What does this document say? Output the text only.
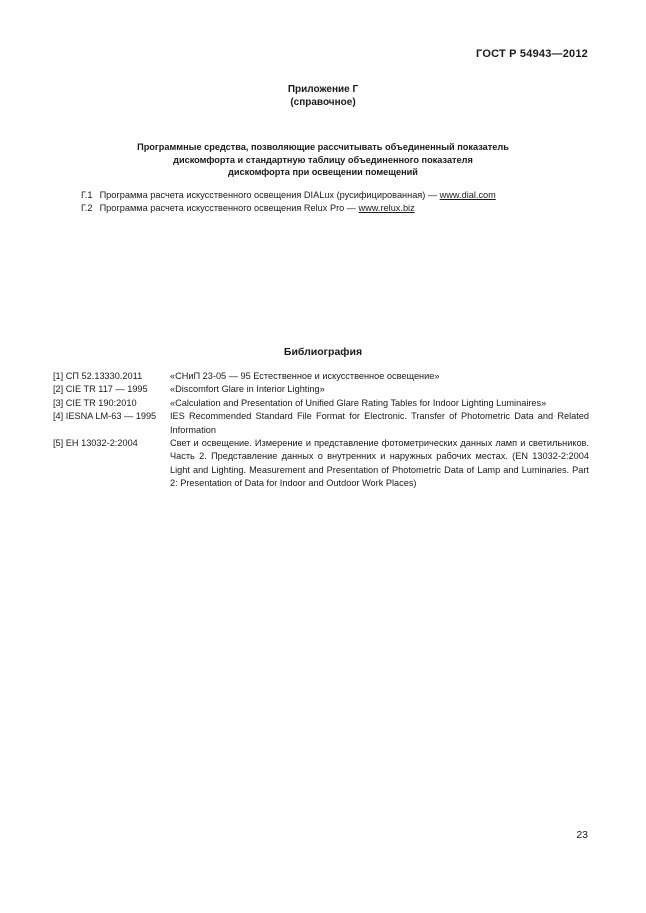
ГОСТ Р 54943—2012
Приложение Г
(справочное)
Программные средства, позволяющие рассчитывать объединенный показатель
дискомфорта и стандартную таблицу объединенного показателя
дискомфорта при освещении помещений
Г.1 Программа расчета искусственного освещения DIALux (русифицированная) — www.dial.com
Г.2 Программа расчета искусственного освещения Relux Pro — www.relux.biz
Библиография
[1] СП 52.13330.2011	«СНиП 23-05 — 95 Естественное и искусственное освещение»
[2] CIE TR 117 — 1995	«Discomfort Glare in Interior Lighting»
[3] CIE TR 190:2010	«Calculation and Presentation of Unified Glare Rating Tables for Indoor Lighting Luminaires»
[4] IESNA LM-63 — 1995	IES Recommended Standard File Format for Electronic. Transfer of Photometric Data and Related Information
[5] ЕН 13032-2:2004	Свет и освещение. Измерение и представление фотометрических данных ламп и светильников. Часть 2. Представление данных о внутренних и наружных рабочих местах. (EN 13032-2:2004 Light and Lighting. Measurement and Presentation of Photometric Data of Lamp and Luminaries. Part 2: Presentation of Data for Indoor and Outdoor Work Places)
23
